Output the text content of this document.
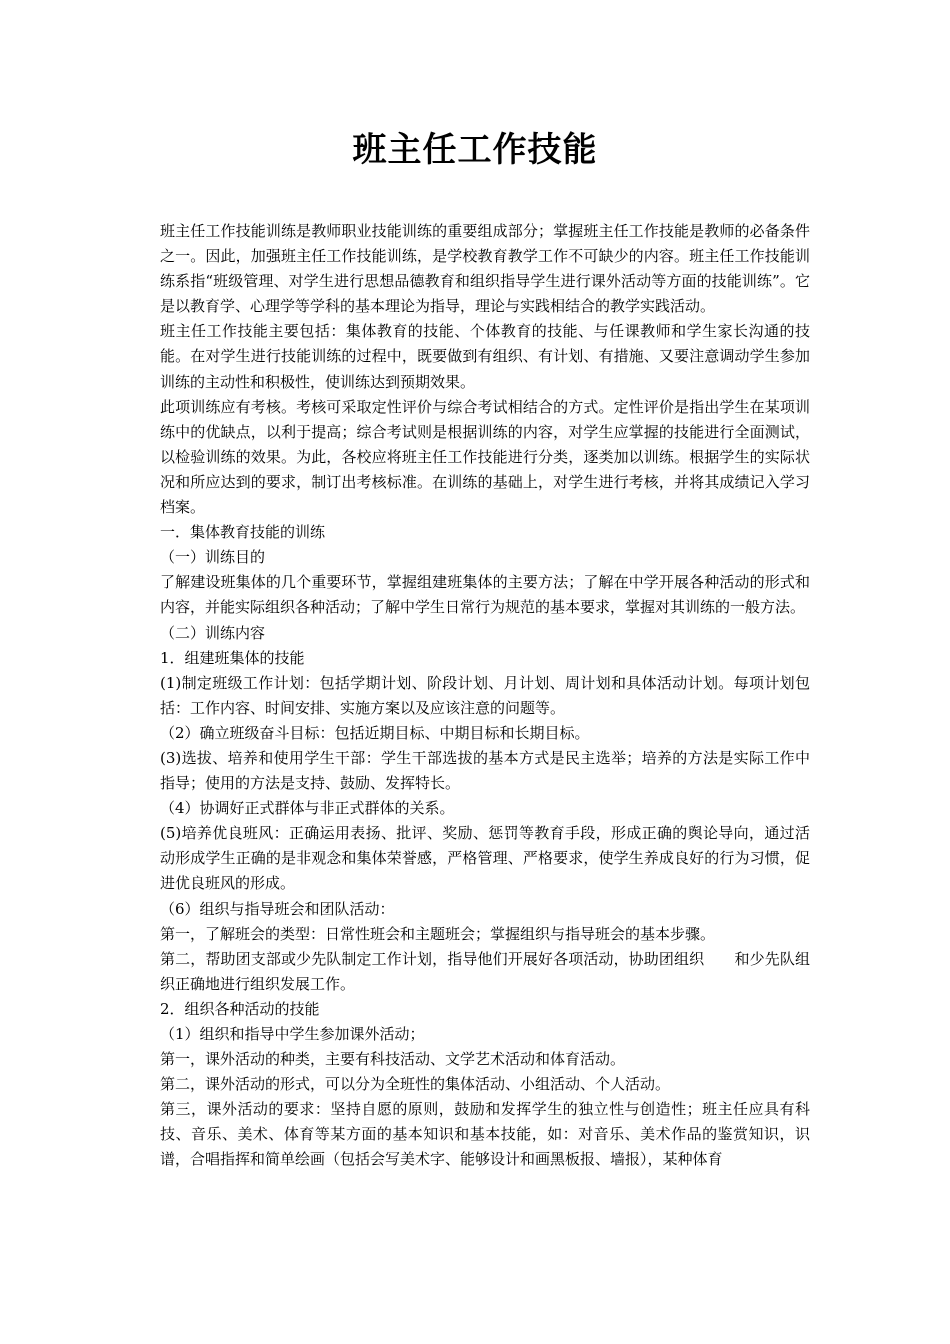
班主任工作技能

班主任工作技能训练是教师职业技能训练的重要组成部分；掌握班主任工作技能是教师的必备条件之一。因此，加强班主任工作技能训练，是学校教育教学工作不可缺少的内容。班主任工作技能训练系指“班级管理、对学生进行思想品德教育和组织指导学生进行课外活动等方面的技能训练”。它是以教育学、心理学等学科的基本理论为指导，理论与实践相结合的教学实践活动。

班主任工作技能主要包括：集体教育的技能、个体教育的技能、与任课教师和学生家长沟通的技能。在对学生进行技能训练的过程中，既要做到有组织、有计划、有措施、又要注意调动学生参加训练的主动性和积极性，使训练达到预期效果。

此项训练应有考核。考核可采取定性评价与综合考试相结合的方式。定性评价是指出学生在某项训练中的优缺点，以利于提高；综合考试则是根据训练的内容，对学生应掌握的技能进行全面测试，以检验训练的效果。为此，各校应将班主任工作技能进行分类，逐类加以训练。根据学生的实际状况和所应达到的要求，制订出考核标准。在训练的基础上，对学生进行考核，并将其成绩记入学习档案。

一．集体教育技能的训练

（一）训练目的

了解建设班集体的几个重要环节，掌握组建班集体的主要方法；了解在中学开展各种活动的形式和内容，并能实际组织各种活动；了解中学生日常行为规范的基本要求，掌握对其训练的一般方法。

（二）训练内容

1．组建班集体的技能

(1)制定班级工作计划：包括学期计划、阶段计划、月计划、周计划和具体活动计划。每项计划包括：工作内容、时间安排、实施方案以及应该注意的问题等。

（2）确立班级奋斗目标：包括近期目标、中期目标和长期目标。

(3)选拔、培养和使用学生干部：学生干部选拔的基本方式是民主选举；培养的方法是实际工作中指导；使用的方法是支持、鼓励、发挥特长。

（4）协调好正式群体与非正式群体的关系。

(5)培养优良班风：正确运用表扬、批评、奖励、惩罚等教育手段，形成正确的舆论导向，通过活动形成学生正确的是非观念和集体荣誉感，严格管理、严格要求，使学生养成良好的行为习惯，促进优良班风的形成。

（6）组织与指导班会和团队活动：

第一，了解班会的类型：日常性班会和主题班会；掌握组织与指导班会的基本步骤。

第二，帮助团支部或少先队制定工作计划，指导他们开展好各项活动，协助团组织　　和少先队组织正确地进行组织发展工作。

2．组织各种活动的技能

（1）组织和指导中学生参加课外活动；

第一，课外活动的种类，主要有科技活动、文学艺术活动和体育活动。

第二，课外活动的形式，可以分为全班性的集体活动、小组活动、个人活动。

第三，课外活动的要求：坚持自愿的原则，鼓励和发挥学生的独立性与创造性；班主任应具有科技、音乐、美术、体育等某方面的基本知识和基本技能，如：对音乐、美术作品的鉴赏知识，识谱，合唱指挥和简单绘画（包括会写美术字、能够设计和画黑板报、墙报），某种体育
